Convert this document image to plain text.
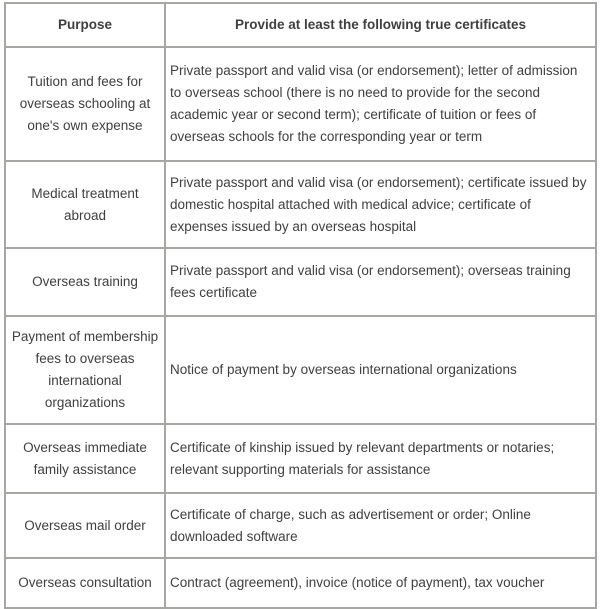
Purpose	Provide at least the following true certificates
Tuition and fees for overseas schooling at one's own expense	Private passport and valid visa (or endorsement); letter of admission to overseas school (there is no need to provide for the second academic year or second term); certificate of tuition or fees of overseas schools for the corresponding year or term
Medical treatment abroad	Private passport and valid visa (or endorsement); certificate issued by domestic hospital attached with medical advice; certificate of expenses issued by an overseas hospital
Overseas training	Private passport and valid visa (or endorsement); overseas training fees certificate
Payment of membership fees to overseas international organizations	Notice of payment by overseas international organizations
Overseas immediate family assistance	Certificate of kinship issued by relevant departments or notaries; relevant supporting materials for assistance
Overseas mail order	Certificate of charge, such as advertisement or order; Online downloaded software
Overseas consultation	Contract (agreement), invoice (notice of payment), tax voucher
